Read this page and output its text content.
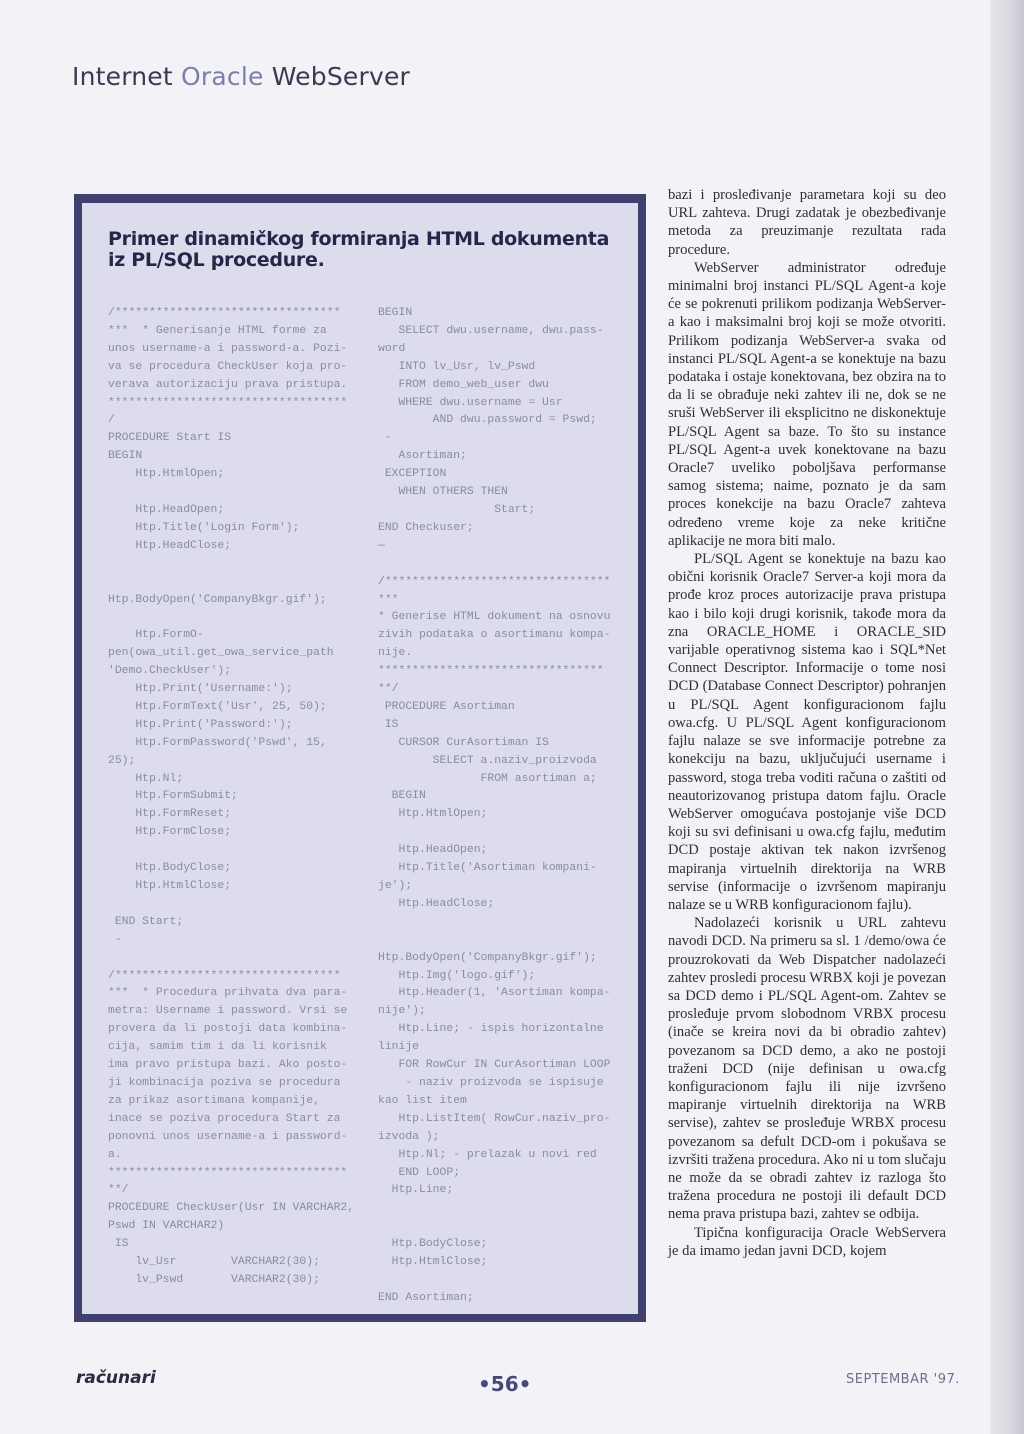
Internet Oracle WebServer
Primer dinamičkog formiranja HTML dokumenta
iz PL/SQL procedure.
/*********************************
***  * Generisanje HTML forme za
unos username-a i password-a. Pozi-
va se procedura CheckUser koja pro-
verava autorizaciju prava pristupa.
***********************************
/
PROCEDURE Start IS
BEGIN
Htp.HtmlOpen;

Htp.HeadOpen;
Htp.Title('Login Form');
Htp.HeadClose;

Htp.BodyOpen('CompanyBkgr.gif');

Htp.FormO-
pen(owa_util.get_owa_service_path
'Demo.CheckUser');
Htp.Print('Username:');
Htp.FormText('Usr', 25, 50);
Htp.Print('Password:');
Htp.FormPassword('Pswd', 15,
25);
Htp.Nl;
Htp.FormSubmit;
Htp.FormReset;
Htp.FormClose;

Htp.BodyClose;
Htp.HtmlClose;

END Start;
-

/*********************************
***  * Procedura prihvata dva para-
metra: Username i password. Vrsi se
provera da li postoji data kombina-
cija, samim tim i da li korisnik
ima pravo pristupa bazi. Ako posto-
ji kombinacija poziva se procedura
za prikaz asortimana kompanije,
inace se poziva procedura Start za
ponovni unos username-a i password-
a.
***********************************
**/
PROCEDURE CheckUser(Usr IN VARCHAR2,
Pswd IN VARCHAR2)
IS
lv_Usr        VARCHAR2(30);
lv_Pswd       VARCHAR2(30);
BEGIN
SELECT dwu.username, dwu.pass-
word
INTO lv_Usr, lv_Pswd
FROM demo_web_user dwu
WHERE dwu.username = Usr
AND dwu.password = Pswd;
-
Asortiman;
EXCEPTION
WHEN OTHERS THEN
Start;
END Checkuser;
—

/*********************************
***
* Generise HTML dokument na osnovu
zivih podataka o asortimanu kompa-
nije.
*********************************
**/
PROCEDURE Asortiman
IS
CURSOR CurAsortiman IS
SELECT a.naziv_proizvoda
FROM asortiman a;
BEGIN
Htp.HtmlOpen;

Htp.HeadOpen;
Htp.Title('Asortiman kompani-
je');
Htp.HeadClose;

Htp.BodyOpen('CompanyBkgr.gif');
Htp.Img('logo.gif');
Htp.Header(1, 'Asortiman kompa-
nije');
Htp.Line; - ispis horizontalne
linije
FOR RowCur IN CurAsortiman LOOP
- naziv proizvoda se ispisuje
kao list item
Htp.ListItem( RowCur.naziv_pro-
izvoda );
Htp.Nl; - prelazak u novi red
END LOOP;
Htp.Line;

Htp.BodyClose;
Htp.HtmlClose;

END Asortiman;

bazi i prosleđivanje parametara koji su deo URL zahteva. Drugi zadatak je obezbeđivanje metoda za preuzimanje rezultata rada procedure.

WebServer administrator određuje minimalni broj instanci PL/SQL Agent-a koje će se pokrenuti prilikom podizanja WebServer-a kao i maksimalni broj koji se može otvoriti. Prilikom podizanja WebServer-a svaka od instanci PL/SQL Agent-a se konektuje na bazu podataka i ostaje konektovana, bez obzira na to da li se obrađuje neki zahtev ili ne, dok se ne sruši WebServer ili eksplicitno ne diskonektuje PL/SQL Agent sa baze. To što su instance PL/SQL Agent-a uvek konektovane na bazu Oracle7 uveliko poboljšava performanse samog sistema; naime, poznato je da sam proces konekcije na bazu Oracle7 zahteva određeno vreme koje za neke kritične aplikacije ne mora biti malo.

PL/SQL Agent se konektuje na bazu kao obični korisnik Oracle7 Server-a koji mora da prođe kroz proces autorizacije prava pristupa kao i bilo koji drugi korisnik, takođe mora da zna ORACLE_HOME i ORACLE_SID varijable operativnog sistema kao i SQL*Net Connect Descriptor. Informacije o tome nosi DCD (Database Connect Descriptor) pohranjen u PL/SQL Agent konfiguracionom fajlu owa.cfg. U PL/SQL Agent konfiguracionom fajlu nalaze se sve informacije potrebne za konekciju na bazu, uključujući username i password, stoga treba voditi računa o zaštiti od neautorizovanog pristupa datom fajlu. Oracle WebServer omogućava postojanje više DCD koji su svi definisani u owa.cfg fajlu, međutim DCD postaje aktivan tek nakon izvršenog mapiranja virtuelnih direktorija na WRB servise (informacije o izvršenom mapiranju nalaze se u WRB konfiguracionom fajlu).

Nadolazeći korisnik u URL zahtevu navodi DCD. Na primeru sa sl. 1 /demo/owa će prouzrokovati da Web Dispatcher nadolazeći zahtev prosledi procesu WRBX koji je povezan sa DCD demo i PL/SQL Agent-om. Zahtev se prosleđuje prvom slobodnom VRBX procesu (inače se kreira novi da bi obradio zahtev) povezanom sa DCD demo, a ako ne postoji traženi DCD (nije definisan u owa.cfg konfiguracionom fajlu ili nije izvršeno mapiranje virtuelnih direktorija na WRB servise), zahtev se prosleđuje WRBX procesu povezanom sa defult DCD-om i pokušava se izvršiti tražena procedura. Ako ni u tom slučaju ne može da se obradi zahtev iz razloga što tražena procedura ne postoji ili default DCD nema prava pristupa bazi, zahtev se odbija.

Tipična konfiguracija Oracle WebServera je da imamo jedan javni DCD, kojem

računari	•56•	SEPTEMBAR '97.
